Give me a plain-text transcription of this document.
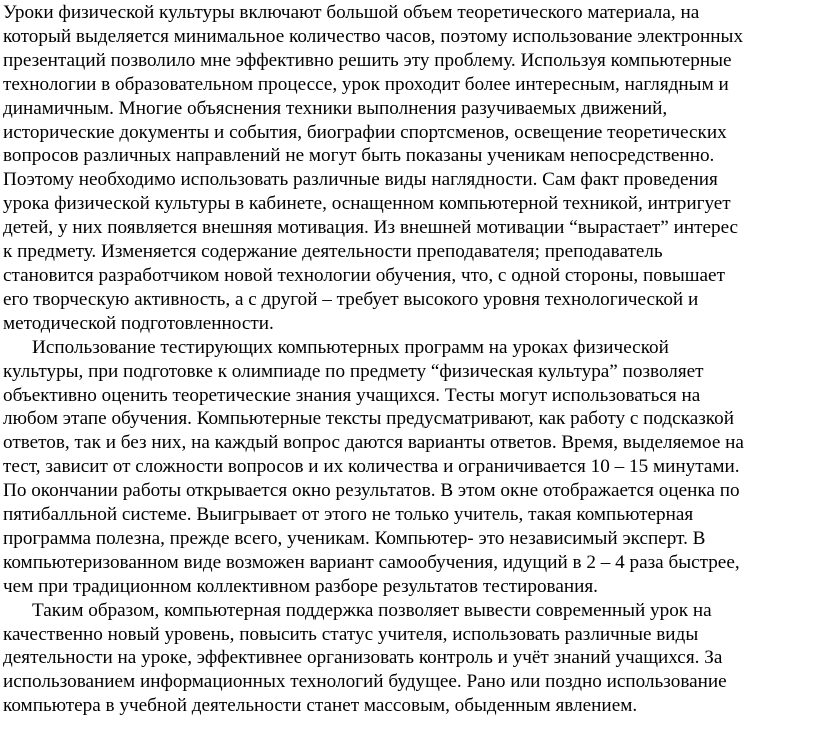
Уроки физической культуры включают большой объем теоретического материала, на
который выделяется минимальное количество часов, поэтому использование электронных
презентаций позволило мне эффективно решить эту проблему. Используя компьютерные
технологии в образовательном процессе, урок проходит более интересным, наглядным и
динамичным. Многие объяснения техники выполнения разучиваемых движений,
исторические документы и события, биографии спортсменов, освещение теоретических
вопросов различных направлений не могут быть показаны ученикам непосредственно.
Поэтому необходимо использовать различные виды наглядности. Сам факт проведения
урока физической культуры в кабинете, оснащенном компьютерной техникой, интригует
детей, у них появляется внешняя мотивация. Из внешней мотивации “вырастает” интерес
к предмету. Изменяется содержание деятельности преподавателя; преподаватель
становится разработчиком новой технологии обучения, что, с одной стороны, повышает
его творческую активность, а с другой – требует высокого уровня технологической и
методической подготовленности.

Использование тестирующих компьютерных программ на уроках физической
культуры, при подготовке к олимпиаде по предмету “физическая культура” позволяет
объективно оценить теоретические знания учащихся. Тесты могут использоваться на
любом этапе обучения. Компьютерные тексты предусматривают, как работу с подсказкой
ответов, так и без них, на каждый вопрос даются варианты ответов. Время, выделяемое на
тест, зависит от сложности вопросов и их количества и ограничивается 10 – 15 минутами.
По окончании работы открывается окно результатов. В этом окне отображается оценка по
пятибалльной системе. Выигрывает от этого не только учитель, такая компьютерная
программа полезна, прежде всего, ученикам. Компьютер- это независимый эксперт. В
компьютеризованном виде возможен вариант самообучения, идущий в 2 – 4 раза быстрее,
чем при традиционном коллективном разборе результатов тестирования.

Таким образом, компьютерная поддержка позволяет вывести современный урок на
качественно новый уровень, повысить статус учителя, использовать различные виды
деятельности на уроке, эффективнее организовать контроль и учёт знаний учащихся. За
использованием информационных технологий будущее. Рано или поздно использование
компьютера в учебной деятельности станет массовым, обыденным явлением.
